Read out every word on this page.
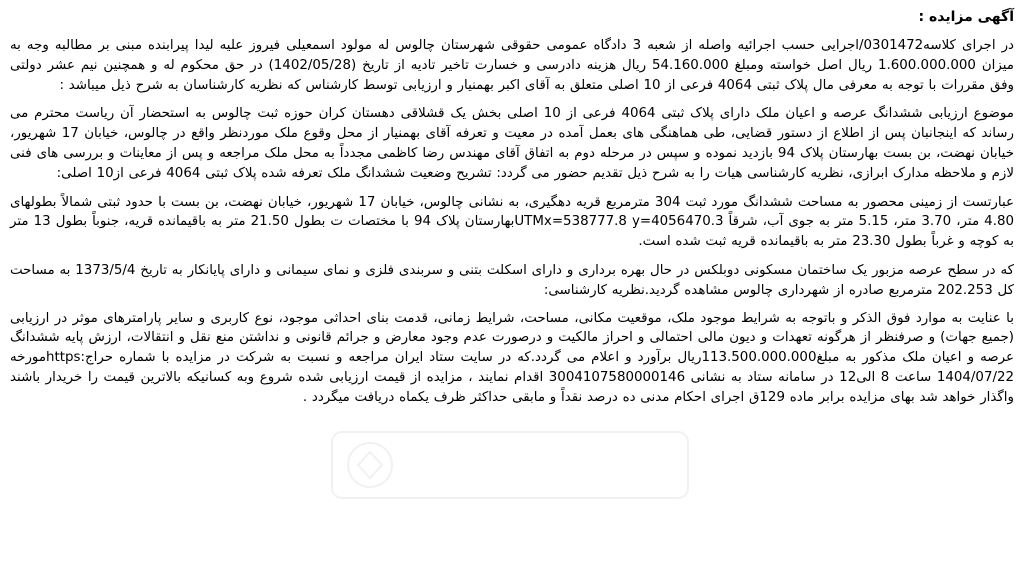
آگهی مزایده :

در اجرای کلاسه0301472/اجرایی حسب اجرائیه واصله از شعبه 3 دادگاه عمومی حقوقی شهرستان چالوس له مولود اسمعیلی فیروز علیه لیدا پیرابنده مبنی بر مطالبه وجه به میزان 1.600.000.000 ریال اصل خواسته ومبلغ 54.160.000 ریال هزینه دادرسی و خسارت تاخیر تادیه از تاریخ (1402/05/28) در حق محکوم له و همچنین نیم عشر دولتی وفق مقررات با توجه به معرفی مال پلاک ثبتی 4064 فرعی از 10 اصلی متعلق به آقای اکبر بهمنیار و ارزیابی توسط کارشناس که نظریه کارشناسان به شرح ذیل میباشد :

موضوع ارزیابی ششدانگ عرصه و اعیان ملک دارای پلاک ثبتی 4064 فرعی از 10 اصلی بخش یک قشلاقی دهستان کران حوزه ثبت چالوس به استحضار آن ریاست محترم می رساند که اینجانبان پس از اطلاع از دستور قضایی، طی هماهنگی های بعمل آمده در معیت و تعرفه آقای بهمنیار از محل وقوع ملک موردنظر واقع در چالوس، خیابان 17 شهریور، خیابان نهضت، بن بست بهارستان پلاک 94 بازدید نموده و سپس در مرحله دوم به اتفاق آقای مهندس رضا کاظمی مجدداً به محل ملک مراجعه و پس از معاینات و بررسی های فنی لازم و ملاحظه مدارک ابرازی، نظریه کارشناسی هیات را به شرح ذیل تقدیم حضور می گردد: تشریح وضعیت ششدانگ ملک تعرفه شده پلاک ثبتی 4064 فرعی از10 اصلی:

عبارتست از زمینی محصور به مساحت ششدانگ مورد ثبت 304 مترمربع قریه دهگیری، به نشانی چالوس، خیابان 17 شهریور، خیابان نهضت، بن بست با حدود ثبتی شمالاً بطولهای 4.80 متر، 3.70 متر، 5.15 متر به جوی آب، شرقاً UTMx=538777.8 y=4056470.3بهارستان پلاک 94 با مختصات ت بطول 21.50 متر به باقیمانده قریه، جنوباً بطول 13 متر به کوچه و غرباً بطول 23.30 متر به باقیمانده قریه ثبت شده است.

که در سطح عرصه مزبور یک ساختمان مسکونی دوبلکس در حال بهره برداری و دارای اسکلت بتنی و سربندی فلزی و نمای سیمانی و دارای پایانکار به تاریخ 1373/5/4 به مساحت کل 202.253 مترمربع صادره از شهرداری چالوس مشاهده گردید.نظریه کارشناسی:

با عنایت به موارد فوق الذکر و باتوجه به شرایط موجود ملک، موقعیت مکانی، مساحت، شرایط زمانی، قدمت بنای احداثی موجود، نوع کاربری و سایر پارامترهای موثر در ارزیابی (جمیع جهات) و صرفنظر از هرگونه تعهدات و دیون مالی احتمالی و احراز مالکیت و درصورت عدم وجود معارض و جرائم قانونی و نداشتن منع نقل و انتقالات، ارزش پایه ششدانگ عرصه و اعیان ملک مذکور به مبلغ113.500.000.000ریال برآورد و اعلام می گردد.که در سایت ستاد ایران مراجعه و نسبت به شرکت در مزایده با شماره حراج:httpsمورخه 1404/07/22 ساعت 8 الی12 در سامانه ستاد به نشانی 3004107580000146 اقدام نمایند ، مزایده از قیمت ارزیابی شده شروع وبه کسانیکه بالاترین قیمت را خریدار باشند واگذار خواهد شد بهای مزایده برابر ماده 129ق اجرای احکام مدنی ده درصد نقداً و مابقی حداکثر ظرف یکماه دریافت میگردد .
